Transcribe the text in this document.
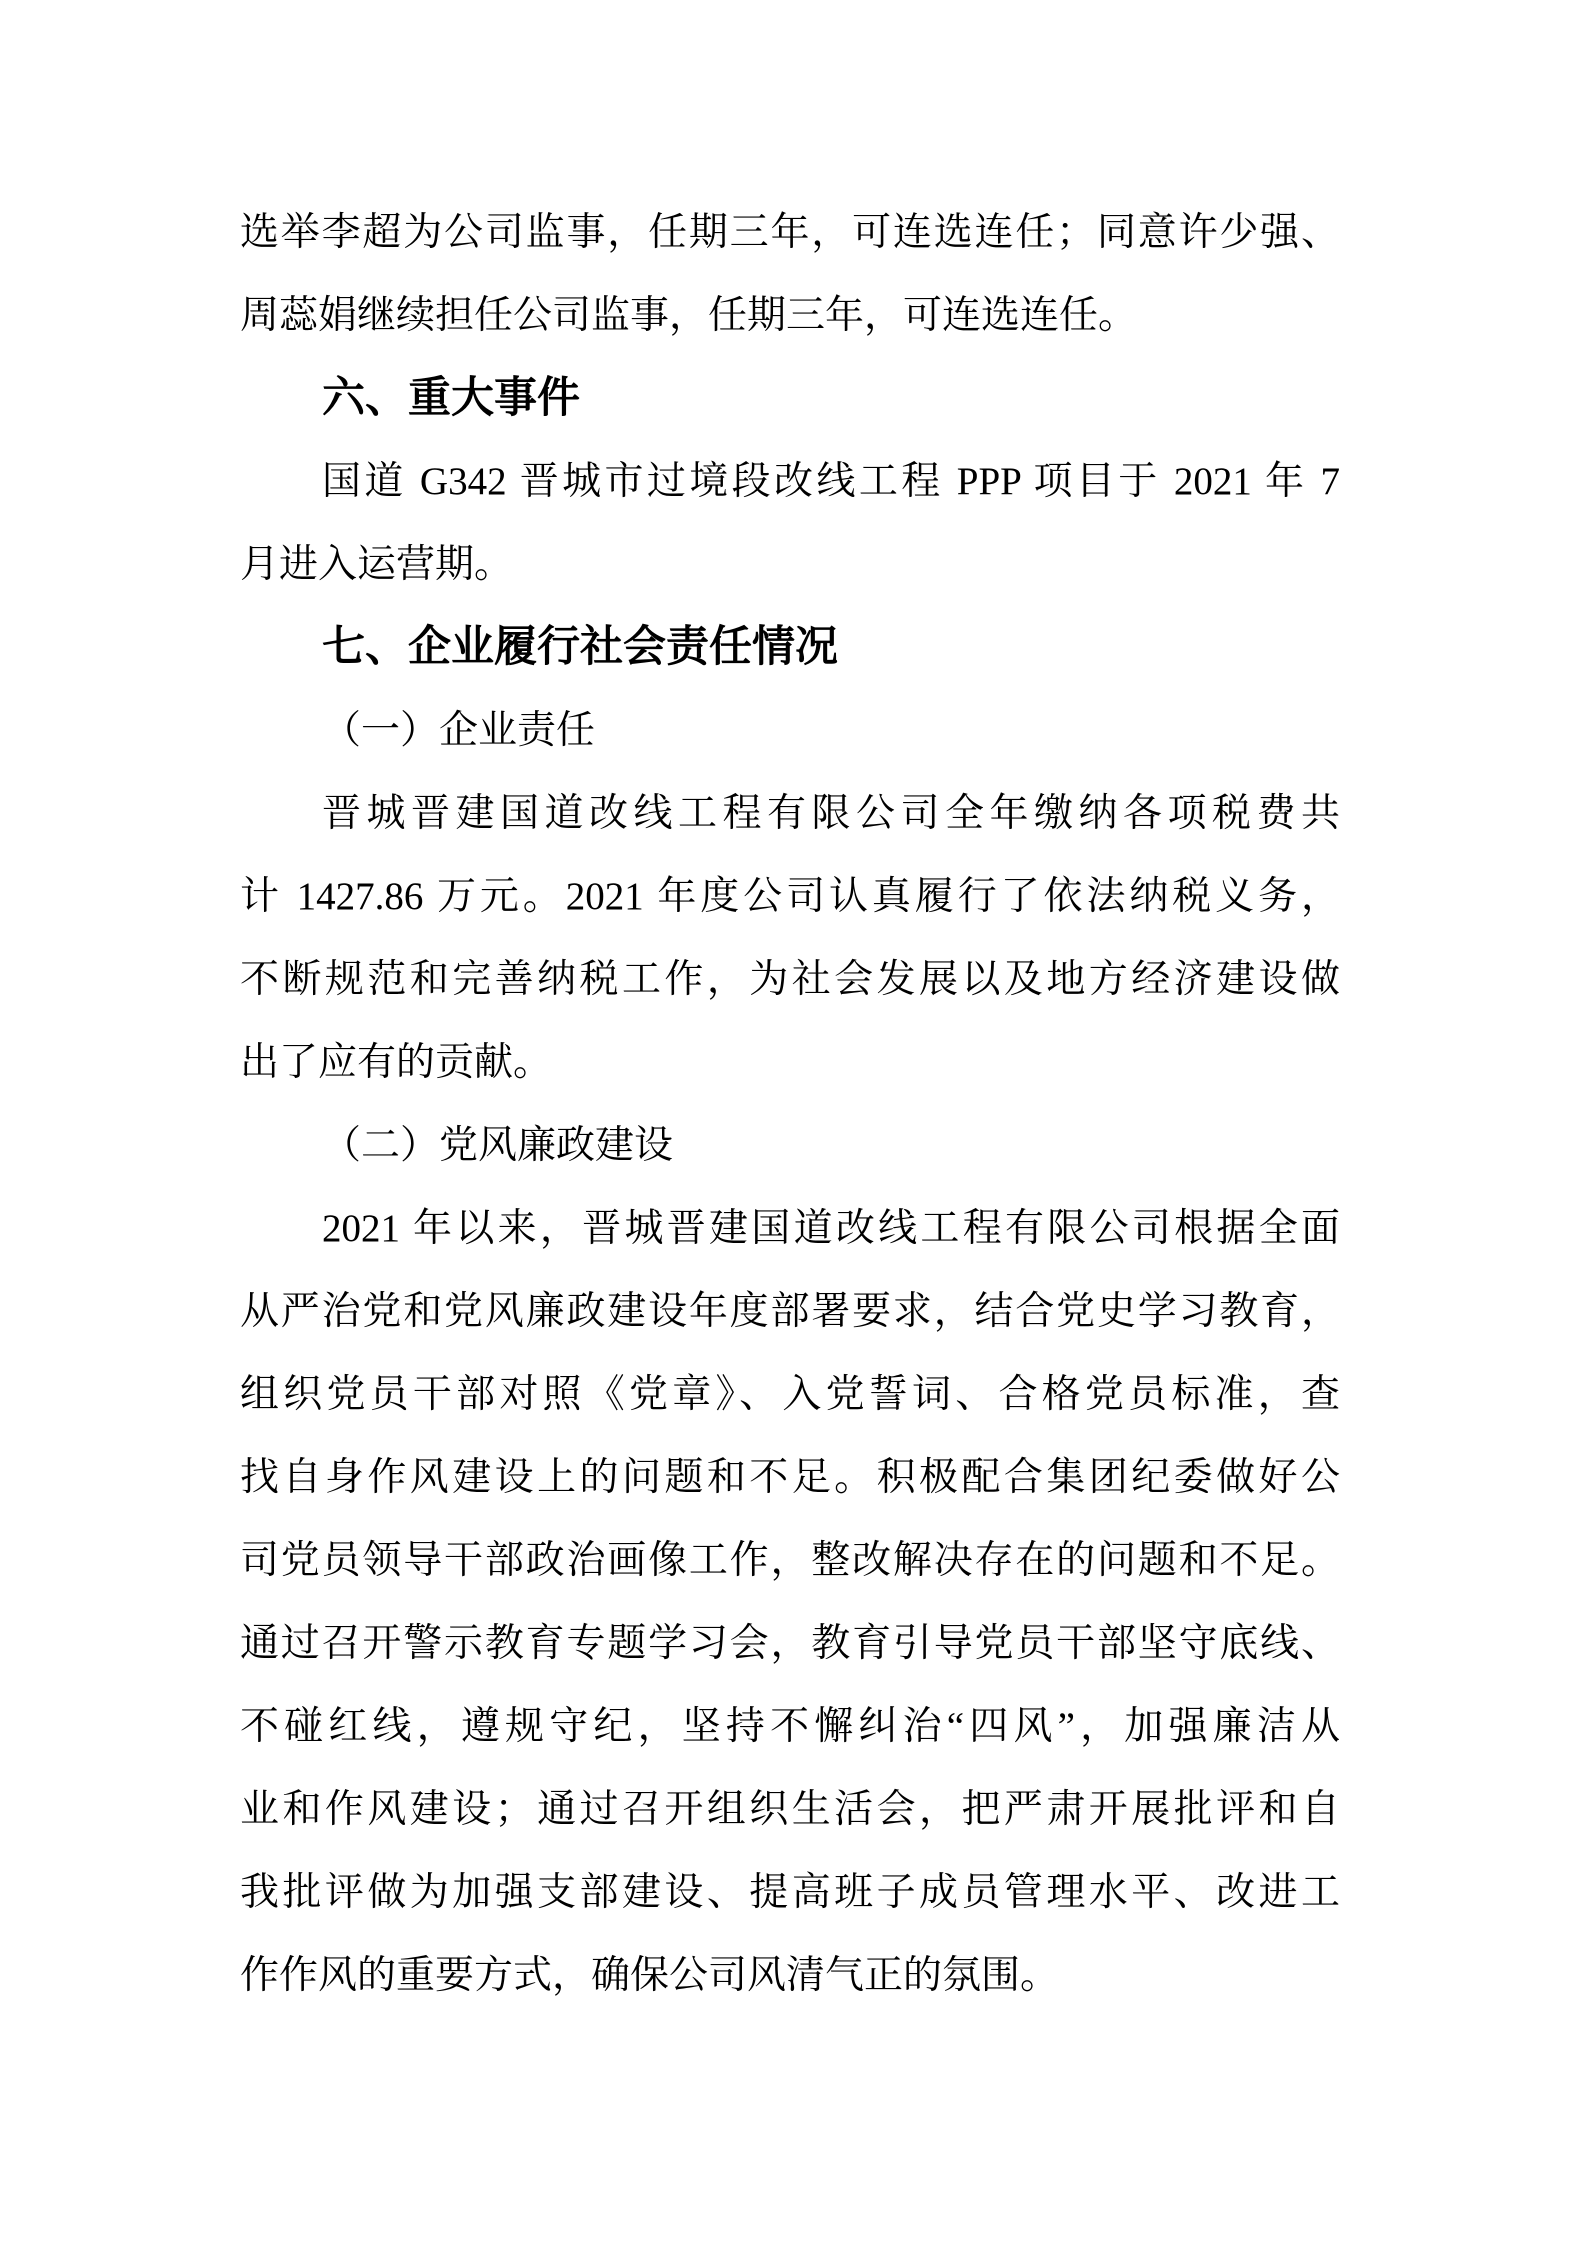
选举李超为公司监事，任期三年，可连选连任；同意许少强、
周蕊娟继续担任公司监事，任期三年，可连选连任。
六、重大事件
国道 G342 晋城市过境段改线工程 PPP 项目于 2021 年 7
月进入运营期。
七、企业履行社会责任情况
（一）企业责任
晋城晋建国道改线工程有限公司全年缴纳各项税费共
计 1427.86 万元。2021 年度公司认真履行了依法纳税义务，
不断规范和完善纳税工作，为社会发展以及地方经济建设做
出了应有的贡献。
（二）党风廉政建设
2021 年以来，晋城晋建国道改线工程有限公司根据全面
从严治党和党风廉政建设年度部署要求，结合党史学习教育，
组织党员干部对照《党章》、入党誓词、合格党员标准，查
找自身作风建设上的问题和不足。积极配合集团纪委做好公
司党员领导干部政治画像工作，整改解决存在的问题和不足。
通过召开警示教育专题学习会，教育引导党员干部坚守底线、
不碰红线，遵规守纪，坚持不懈纠治“四风”，加强廉洁从
业和作风建设；通过召开组织生活会，把严肃开展批评和自
我批评做为加强支部建设、提高班子成员管理水平、改进工
作作风的重要方式，确保公司风清气正的氛围。
